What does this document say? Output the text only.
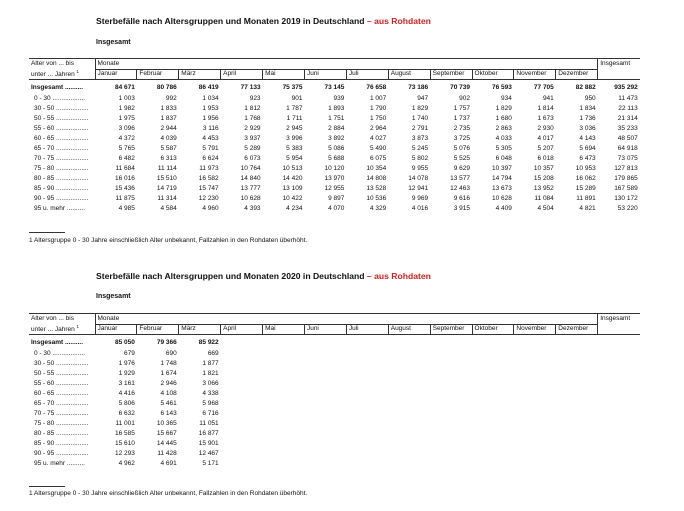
Sterbefälle nach Altersgruppen und Monaten 2019 in Deutschland – aus Rohdaten
Insgesamt
Alter von ... bis	Monate												Insgesamt
unter ... Jahren $^1$	Januar	Februar	März	April	Mai	Juni	Juli	August	September	Oktober	November	Dezember	
Insgesamt ..........	84 671	80 786	86 419	77 133	75 375	73 145	76 658	73 186	70 739	76 593	77 705	82 882	935 292
0 - 30 ..................	1 003	992	1 034	923	901	939	1 007	947	902	934	941	950	11 473
30 - 50 ..................	1 982	1 833	1 953	1 812	1 787	1 893	1 790	1 829	1 757	1 829	1 814	1 834	22 113
50 - 55 ..................	1 975	1 837	1 956	1 768	1 711	1 751	1 750	1 740	1 737	1 680	1 673	1 736	21 314
55 - 60 ..................	3 096	2 944	3 116	2 929	2 945	2 884	2 964	2 791	2 735	2 863	2 930	3 036	35 233
60 - 65 ..................	4 372	4 039	4 453	3 937	3 996	3 892	4 027	3 873	3 725	4 033	4 017	4 143	48 507
65 - 70 ..................	5 765	5 587	5 791	5 289	5 383	5 086	5 490	5 245	5 076	5 305	5 207	5 694	64 918
70 - 75 ..................	6 482	6 313	6 624	6 073	5 954	5 688	6 075	5 802	5 525	6 048	6 018	6 473	73 075
75 - 80 ..................	11 684	11 114	11 973	10 764	10 513	10 120	10 354	9 955	9 629	10 397	10 357	10 953	127 813
80 - 85 ..................	16 016	15 510	16 582	14 840	14 420	13 970	14 808	14 078	13 577	14 794	15 208	16 062	179 865
85 - 90 ..................	15 436	14 719	15 747	13 777	13 109	12 955	13 528	12 941	12 463	13 673	13 952	15 289	167 589
90 - 95 ..................	11 875	11 314	12 230	10 628	10 422	9 897	10 536	9 969	9 616	10 628	11 084	11 891	130 172
95 u. mehr ..........	4 985	4 584	4 960	4 393	4 234	4 070	4 329	4 016	3 915	4 409	4 504	4 821	53 220
1 Altersgruppe 0 - 30 Jahre einschließlich Alter unbekannt, Fallzahlen in den Rohdaten überhöht.
Sterbefälle nach Altersgruppen und Monaten 2020 in Deutschland – aus Rohdaten
Insgesamt
Alter von ... bis	Monate												Insgesamt
unter ... Jahren $^1$	Januar	Februar	März	April	Mai	Juni	Juli	August	September	Oktober	November	Dezember	
Insgesamt ..........	85 050	79 366	85 922										
0 - 30 ..................	679	690	669										
30 - 50 ..................	1 976	1 748	1 877										
50 - 55 ..................	1 929	1 674	1 821										
55 - 60 ..................	3 161	2 946	3 066										
60 - 65 ..................	4 416	4 108	4 338										
65 - 70 ..................	5 806	5 461	5 968										
70 - 75 ..................	6 632	6 143	6 716										
75 - 80 ..................	11 001	10 365	11 051										
80 - 85 ..................	16 585	15 667	16 877										
85 - 90 ..................	15 610	14 445	15 901										
90 - 95 ..................	12 293	11 428	12 467										
95 u. mehr ..........	4 962	4 691	5 171										
1 Altersgruppe 0 - 30 Jahre einschließlich Alter unbekannt, Fallzahlen in den Rohdaten überhöht.
